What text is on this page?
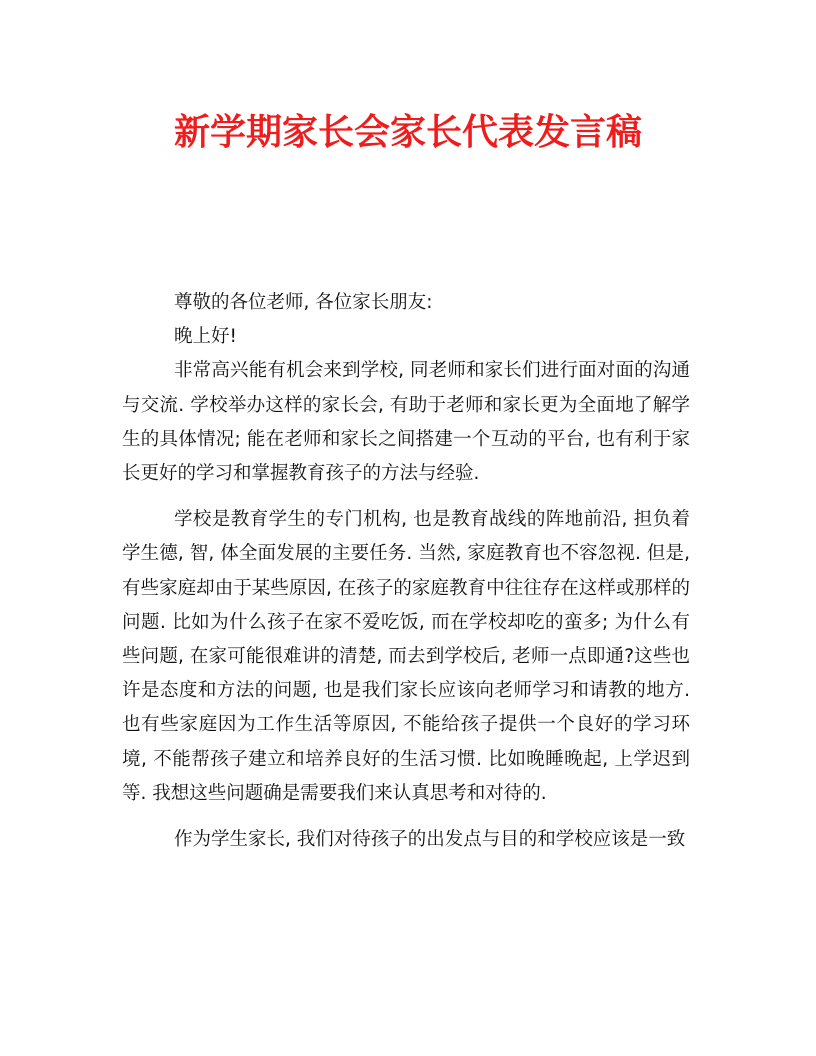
新学期家长会家长代表发言稿

尊敬的各位老师, 各位家长朋友:

晚上好!

非常高兴能有机会来到学校, 同老师和家长们进行面对面的沟通与交流. 学校举办这样的家长会, 有助于老师和家长更为全面地了解学生的具体情况; 能在老师和家长之间搭建一个互动的平台, 也有利于家长更好的学习和掌握教育孩子的方法与经验.

学校是教育学生的专门机构, 也是教育战线的阵地前沿, 担负着学生德, 智, 体全面发展的主要任务. 当然, 家庭教育也不容忽视. 但是, 有些家庭却由于某些原因, 在孩子的家庭教育中往往存在这样或那样的问题. 比如为什么孩子在家不爱吃饭, 而在学校却吃的蛮多; 为什么有些问题, 在家可能很难讲的清楚, 而去到学校后, 老师一点即通?这些也许是态度和方法的问题, 也是我们家长应该向老师学习和请教的地方. 也有些家庭因为工作生活等原因, 不能给孩子提供一个良好的学习环境, 不能帮孩子建立和培养良好的生活习惯. 比如晚睡晚起, 上学迟到等. 我想这些问题确是需要我们来认真思考和对待的.

作为学生家长, 我们对待孩子的出发点与目的和学校应该是一致
